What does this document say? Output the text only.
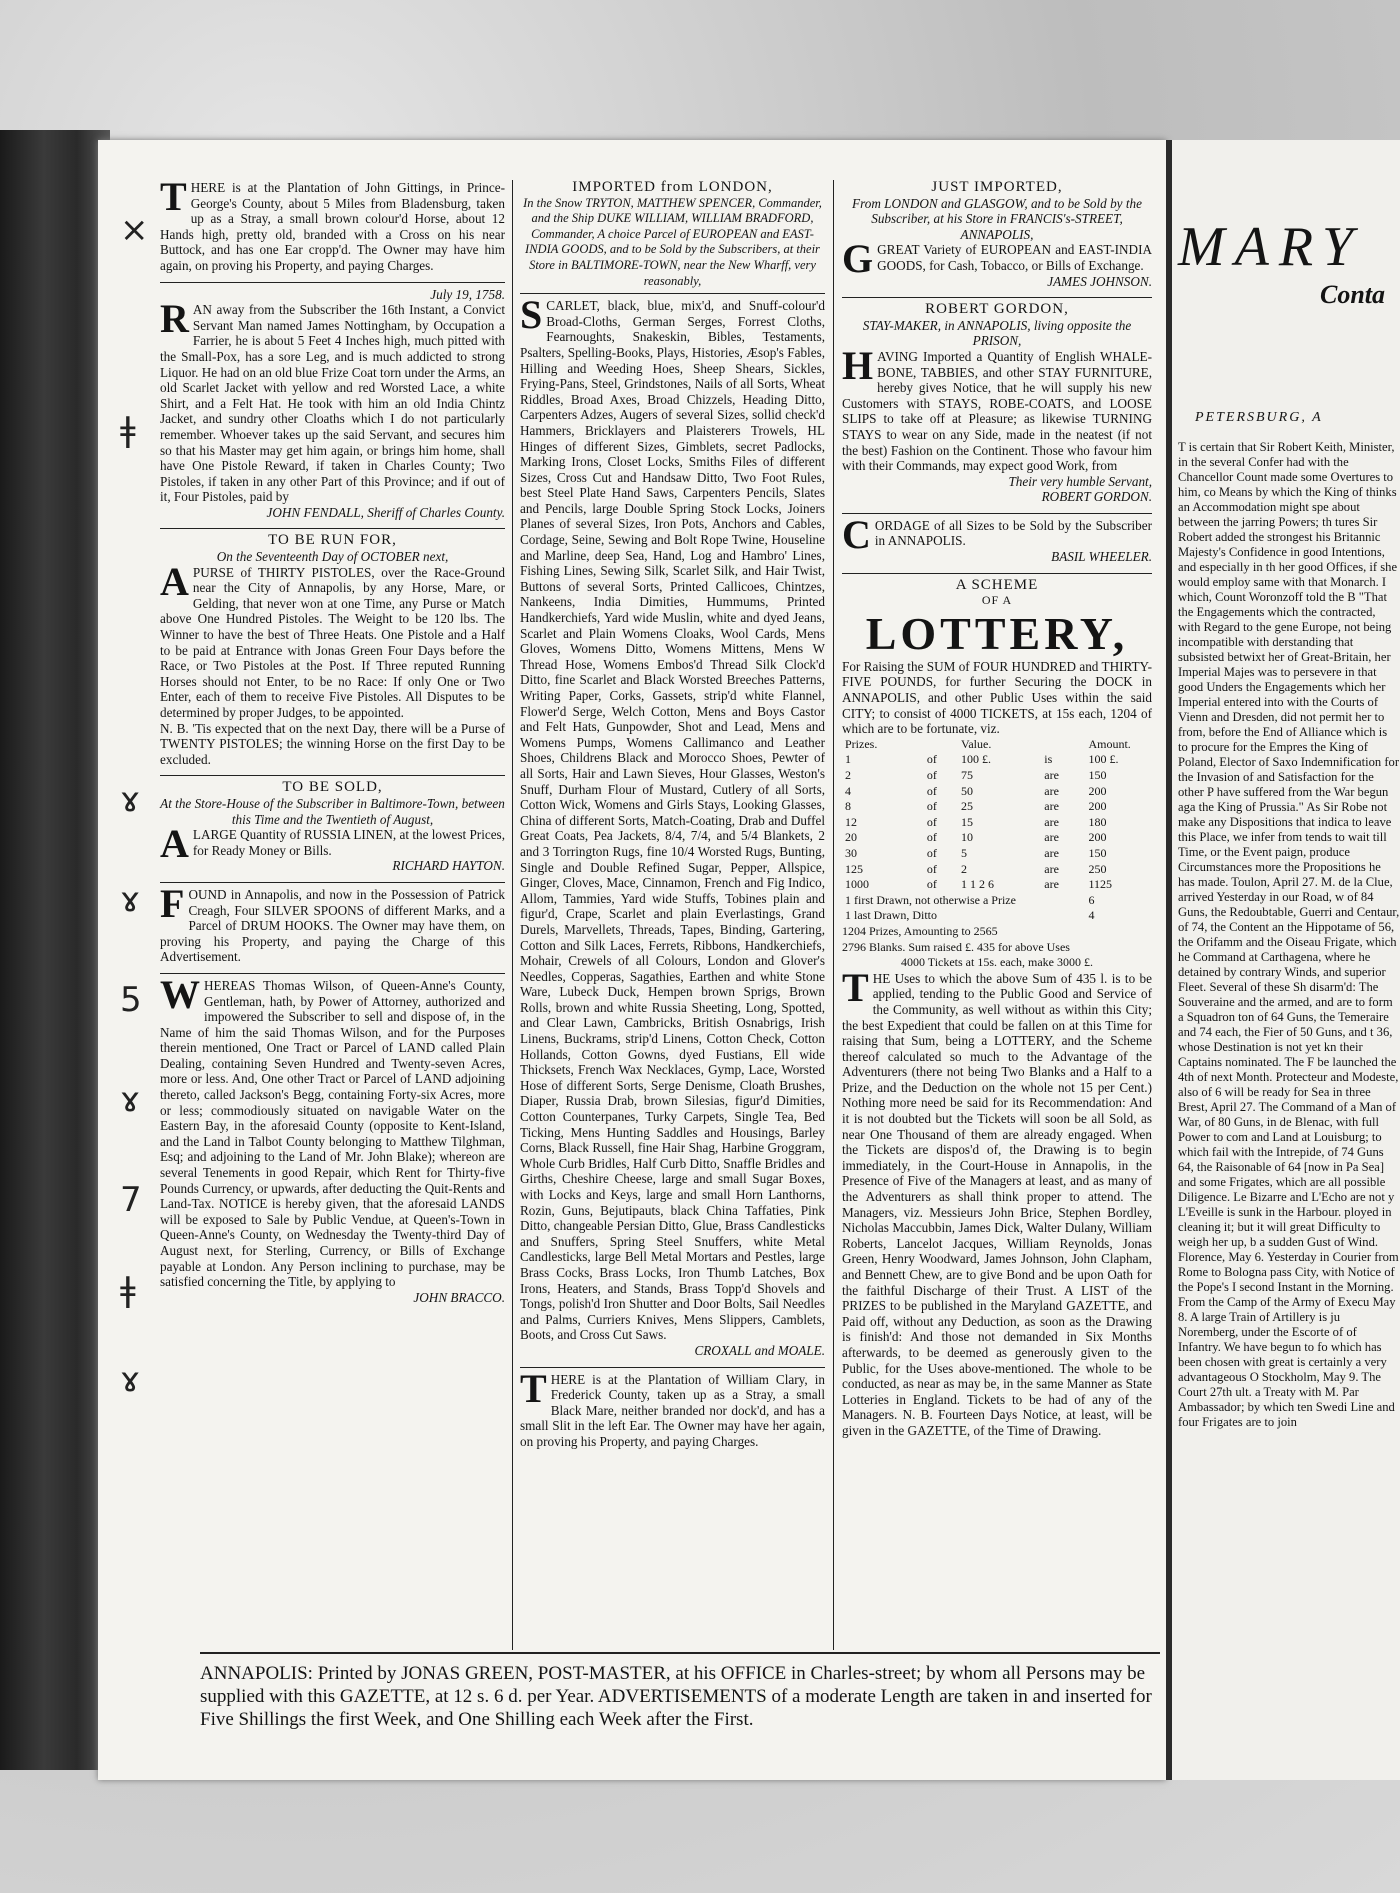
THERE is at the Plantation of John Gittings, in Prince-George's County, about 5 Miles from Bladensburg, taken up as a Stray, a small brown colour'd Horse, about 12 Hands high, pretty old, branded with a Cross on his near Buttock, and has one Ear cropp'd. The Owner may have him again, on proving his Property, and paying Charges.
July 19, 1758.
R AN away from the Subscriber the 16th Instant, a Convict Servant Man named James Nottingham, by Occupation a Farrier, he is about 5 Feet 4 Inches high, much pitted with the Small-Pox, has a sore Leg, and is much addicted to strong Liquor. He had on an old blue Frize Coat torn under the Arms, an old Scarlet Jacket with yellow and red Worsted Lace, a white Shirt, and a Felt Hat. He took with him an old India Chintz Jacket, and sundry other Cloaths which I do not particularly remember. Whoever takes up the said Servant, and secures him so that his Master may get him again, or brings him home, shall have One Pistole Reward, if taken in Charles County; Two Pistoles, if taken in any other Part of this Province; and if out of it, Four Pistoles, paid by
JOHN FENDALL, Sheriff of Charles County.
TO BE RUN FOR,
On the Seventeenth Day of OCTOBER next,
A PURSE of THIRTY PISTOLES, over the Race-Ground near the City of Annapolis, by any Horse, Mare, or Gelding, that never won at one Time, any Purse or Match above One Hundred Pistoles. The Weight to be 120 lbs. The Winner to have the best of Three Heats. One Pistole and a Half to be paid at Entrance with Jonas Green Four Days before the Race, or Two Pistoles at the Post. If Three reputed Running Horses should not Enter, to be no Race: If only One or Two Enter, each of them to receive Five Pistoles. All Disputes to be determined by proper Judges, to be appointed.
N. B. 'Tis expected that on the next Day, there will be a Purse of TWENTY PISTOLES; the winning Horse on the first Day to be excluded.
TO BE SOLD,
At the Store-House of the Subscriber in Baltimore-Town, between this Time and the Twentieth of August,
A LARGE Quantity of RUSSIA LINEN, at the lowest Prices, for Ready Money or Bills.
RICHARD HAYTON.
FOUND in Annapolis, and now in the Possession of Patrick Creagh, Four SILVER SPOONS of different Marks, and a Parcel of DRUM HOOKS. The Owner may have them, on proving his Property, and paying the Charge of this Advertisement.
WHEREAS Thomas Wilson, of Queen-Anne's County, Gentleman, hath, by Power of Attorney, authorized and impowered the Subscriber to sell and dispose of, in the Name of him the said Thomas Wilson, and for the Purposes therein mentioned, One Tract or Parcel of LAND called Plain Dealing, containing Seven Hundred and Twenty-seven Acres, more or less. And, One other Tract or Parcel of LAND adjoining thereto, called Jackson's Begg, containing Forty-six Acres, more or less; commodiously situated on navigable Water on the Eastern Bay, in the aforesaid County (opposite to Kent-Island, and the Land in Talbot County belonging to Matthew Tilghman, Esq; and adjoining to the Land of Mr. John Blake); whereon are several Tenements in good Repair, which Rent for Thirty-five Pounds Currency, or upwards, after deducting the Quit-Rents and Land-Tax. NOTICE is hereby given, that the aforesaid LANDS will be exposed to Sale by Public Vendue, at Queen's-Town in Queen-Anne's County, on Wednesday the Twenty-third Day of August next, for Sterling, Currency, or Bills of Exchange payable at London. Any Person inclining to purchase, may be satisfied concerning the Title, by applying to
JOHN BRACCO.
IMPORTED from LONDON,
In the Snow TRYTON, MATTHEW SPENCER, Commander, and the Ship DUKE WILLIAM, WILLIAM BRADFORD, Commander, A choice Parcel of EUROPEAN and EAST-INDIA GOODS, and to be Sold by the Subscribers, at their Store in BALTIMORE-TOWN, near the New Wharff, very reasonably,
SCARLET, black, blue, mix'd, and Snuff-colour'd Broad-Cloths, German Serges, Forrest Cloths, Fearnoughts, Snakeskin, Bibles, Testaments, Psalters, Spelling-Books, Plays, Histories, Æsop's Fables, Hilling and Weeding Hoes, Sheep Shears, Sickles, Frying-Pans, Steel, Grindstones, Nails of all Sorts, Wheat Riddles, Broad Axes, Broad Chizzels, Heading Ditto, Carpenters Adzes, Augers of several Sizes, sollid check'd Hammers, Bricklayers and Plaisterers Trowels, HL Hinges of different Sizes, Gimblets, secret Padlocks, Marking Irons, Closet Locks, Smiths Files of different Sizes, Cross Cut and Handsaw Ditto, Two Foot Rules, best Steel Plate Hand Saws, Carpenters Pencils, Slates and Pencils, large Double Spring Stock Locks, Joiners Planes of several Sizes, Iron Pots, Anchors and Cables, Cordage, Seine, Sewing and Bolt Rope Twine, Houseline and Marline, deep Sea, Hand, Log and Hambro' Lines, Fishing Lines, Sewing Silk, Scarlet Silk, and Hair Twist, Buttons of several Sorts, Printed Callicoes, Chintzes, Nankeens, India Dimities, Hummums, Printed Handkerchiefs, Yard wide Muslin, white and dyed Jeans, Scarlet and Plain Womens Cloaks, Wool Cards, Mens Gloves, Womens Ditto, Womens Mittens, Mens W Thread Hose, Womens Embos'd Thread Silk Clock'd Ditto, fine Scarlet and Black Worsted Breeches Patterns, Writing Paper, Corks, Gassets, strip'd white Flannel, Flower'd Serge, Welch Cotton, Mens and Boys Castor and Felt Hats, Gunpowder, Shot and Lead, Mens and Womens Pumps, Womens Callimanco and Leather Shoes, Childrens Black and Morocco Shoes, Pewter of all Sorts, Hair and Lawn Sieves, Hour Glasses, Weston's Snuff, Durham Flour of Mustard, Cutlery of all Sorts, Cotton Wick, Womens and Girls Stays, Looking Glasses, China of different Sorts, Match-Coating, Drab and Duffel Great Coats, Pea Jackets, 8/4, 7/4, and 5/4 Blankets, 2 and 3 Torrington Rugs, fine 10/4 Worsted Rugs, Bunting, Single and Double Refined Sugar, Pepper, Allspice, Ginger, Cloves, Mace, Cinnamon, French and Fig Indico, Allom, Tammies, Yard wide Stuffs, Tobines plain and figur'd, Crape, Scarlet and plain Everlastings, Grand Durels, Marvellets, Threads, Tapes, Binding, Gartering, Cotton and Silk Laces, Ferrets, Ribbons, Handkerchiefs, Mohair, Crewels of all Colours, London and Glover's Needles, Copperas, Sagathies, Earthen and white Stone Ware, Lubeck Duck, Hempen brown Sprigs, Brown Rolls, brown and white Russia Sheeting, Long, Spotted, and Clear Lawn, Cambricks, British Osnabrigs, Irish Linens, Buckrams, strip'd Linens, Cotton Check, Cotton Hollands, Cotton Gowns, dyed Fustians, Ell wide Thicksets, French Wax Necklaces, Gymp, Lace, Worsted Hose of different Sorts, Serge Denisme, Cloath Brushes, Diaper, Russia Drab, brown Silesias, figur'd Dimities, Cotton Counterpanes, Turky Carpets, Single Tea, Bed Ticking, Mens Hunting Saddles and Housings, Barley Corns, Black Russell, fine Hair Shag, Harbine Groggram, Whole Curb Bridles, Half Curb Ditto, Snaffle Bridles and Girths, Cheshire Cheese, large and small Sugar Boxes, with Locks and Keys, large and small Horn Lanthorns, Rozin, Guns, Bejutipauts, black China Taffaties, Pink Ditto, changeable Persian Ditto, Glue, Brass Candlesticks and Snuffers, Spring Steel Snuffers, white Metal Candlesticks, large Bell Metal Mortars and Pestles, large Brass Cocks, Brass Locks, Iron Thumb Latches, Box Irons, Heaters, and Stands, Brass Topp'd Shovels and Tongs, polish'd Iron Shutter and Door Bolts, Sail Needles and Palms, Curriers Knives, Mens Slippers, Camblets, Boots, and Cross Cut Saws.
CROXALL and MOALE.
THERE is at the Plantation of William Clary, in Frederick County, taken up as a Stray, a small Black Mare, neither branded nor dock'd, and has a small Slit in the left Ear. The Owner may have her again, on proving his Property, and paying Charges.
JUST IMPORTED,
From LONDON and GLASGOW, and to be Sold by the Subscriber, at his Store in FRANCIS's-STREET, ANNAPOLIS,
G GREAT Variety of EUROPEAN and EAST-INDIA GOODS, for Cash, Tobacco, or Bills of Exchange.
JAMES JOHNSON.
ROBERT GORDON,
STAY-MAKER, in ANNAPOLIS, living opposite the PRISON,
H AVING Imported a Quantity of English WHALE-BONE, TABBIES, and other STAY FURNITURE, hereby gives Notice, that he will supply his new Customers with STAYS, ROBE-COATS, and LOOSE SLIPS to take off at Pleasure; as likewise TURNING STAYS to wear on any Side, made in the neatest (if not the best) Fashion on the Continent. Those who favour him with their Commands, may expect good Work, from
Their very humble Servant,
ROBERT GORDON.
CORDAGE of all Sizes to be Sold by the Subscriber in ANNAPOLIS.
BASIL WHEELER.
A SCHEME
OF A
LOTTERY,
For Raising the SUM of FOUR HUNDRED and THIRTY-FIVE POUNDS, for further Securing the DOCK in ANNAPOLIS, and other Public Uses within the said CITY; to consist of 4000 TICKETS, at 15s each, 1204 of which are to be fortunate, viz.
Prizes.		Value.		Amount.
1	of	100 £.	is	100 £.
2	of	75	are	150
4	of	50	are	200
8	of	25	are	200
12	of	15	are	180
20	of	10	are	200
30	of	5	are	150
125	of	2	are	250
1000	of	1 1 2 6	are	1125
1 first Drawn, not otherwise a Prize				6
1 last Drawn, Ditto				4
1204 Prizes, Amounting to 2565
2796 Blanks. Sum raised £. 435 for above Uses
4000 Tickets at 15s. each, make 3000 £.
T HE Uses to which the above Sum of 435 l. is to be applied, tending to the Public Good and Service of the Community, as well without as within this City; the best Expedient that could be fallen on at this Time for raising that Sum, being a LOTTERY, and the Scheme thereof calculated so much to the Advantage of the Adventurers (there not being Two Blanks and a Half to a Prize, and the Deduction on the whole not 15 per Cent.) Nothing more need be said for its Recommendation: And it is not doubted but the Tickets will soon be all Sold, as near One Thousand of them are already engaged. When the Tickets are dispos'd of, the Drawing is to begin immediately, in the Court-House in Annapolis, in the Presence of Five of the Managers at least, and as many of the Adventurers as shall think proper to attend. The Managers, viz. Messieurs John Brice, Stephen Bordley, Nicholas Maccubbin, James Dick, Walter Dulany, William Roberts, Lancelot Jacques, William Reynolds, Jonas Green, Henry Woodward, James Johnson, John Clapham, and Bennett Chew, are to give Bond and be upon Oath for the faithful Discharge of their Trust. A LIST of the PRIZES to be published in the Maryland GAZETTE, and Paid off, without any Deduction, as soon as the Drawing is finish'd: And those not demanded in Six Months afterwards, to be deemed as generously given to the Public, for the Uses above-mentioned. The whole to be conducted, as near as may be, in the same Manner as State Lotteries in England. Tickets to be had of any of the Managers. N. B. Fourteen Days Notice, at least, will be given in the GAZETTE, of the Time of Drawing.
×
ǂ
ɤ
ɤ
5
ɤ
7
ǂ
ɤ
ANNAPOLIS: Printed by JONAS GREEN, POST-MASTER, at his OFFICE in Charles-street; by whom all Persons may be supplied with this GAZETTE, at 12 s. 6 d. per Year. ADVERTISEMENTS of a moderate Length are taken in and inserted for Five Shillings the first Week, and One Shilling each Week after the First.
MARY
Conta
PETERSBURG, A
T is certain that Sir Robert Keith, Minister, in the several Confer had with the Chancellor Count made some Overtures to him, co Means by which the King of thinks an Accommodation might spe about between the jarring Powers; th tures Sir Robert added the strongest his Britannic Majesty's Confidence in good Intentions, and especially in th her good Offices, if she would employ same with that Monarch. I which, Count Woronzoff told the B "That the Engagements which the contracted, with Regard to the gene Europe, not being incompatible with derstanding that subsisted betwixt her of Great-Britain, her Imperial Majes was to persevere in that good Unders the Engagements which her Imperial entered into with the Courts of Vienn and Dresden, did not permit her to from, before the End of Alliance which is to procure for the Empres the King of Poland, Elector of Saxo Indemnification for the Invasion of and Satisfaction for the other P have suffered from the War begun aga the King of Prussia." As Sir Robe not make any Dispositions that indica to leave this Place, we infer from tends to wait till Time, or the Event paign, produce Circumstances more the Propositions he has made. Toulon, April 27. M. de la Clue, arrived Yesterday in our Road, w of 84 Guns, the Redoubtable, Guerri and Centaur, of 74, the Content an the Hippotame of 56, the Orifamm and the Oiseau Frigate, which he Command at Carthagena, where he detained by contrary Winds, and superior Fleet. Several of these Sh disarm'd: The Souveraine and the armed, and are to form a Squadron ton of 64 Guns, the Temeraire and 74 each, the Fier of 50 Guns, and t 36, whose Destination is not yet kn their Captains nominated. The F be launched the 4th of next Month. Protecteur and Modeste, also of 6 will be ready for Sea in three Brest, April 27. The Command of a Man of War, of 80 Guns, in de Blenac, with full Power to com and Land at Louisburg; to which fail with the Intrepide, of 74 Guns 64, the Raisonable of 64 [now in Pa Sea] and some Frigates, which are all possible Diligence. Le Bizarre and L'Echo are not y L'Eveille is sunk in the Harbour. ployed in cleaning it; but it will great Difficulty to weigh her up, b a sudden Gust of Wind. Florence, May 6. Yesterday in Courier from Rome to Bologna pass City, with Notice of the Pope's I second Instant in the Morning. From the Camp of the Army of Execu May 8. A large Train of Artillery is ju Noremberg, under the Escorte of of Infantry. We have begun to fo which has been chosen with great is certainly a very advantageous O Stockholm, May 9. The Court 27th ult. a Treaty with M. Par Ambassador; by which ten Swedi Line and four Frigates are to join
